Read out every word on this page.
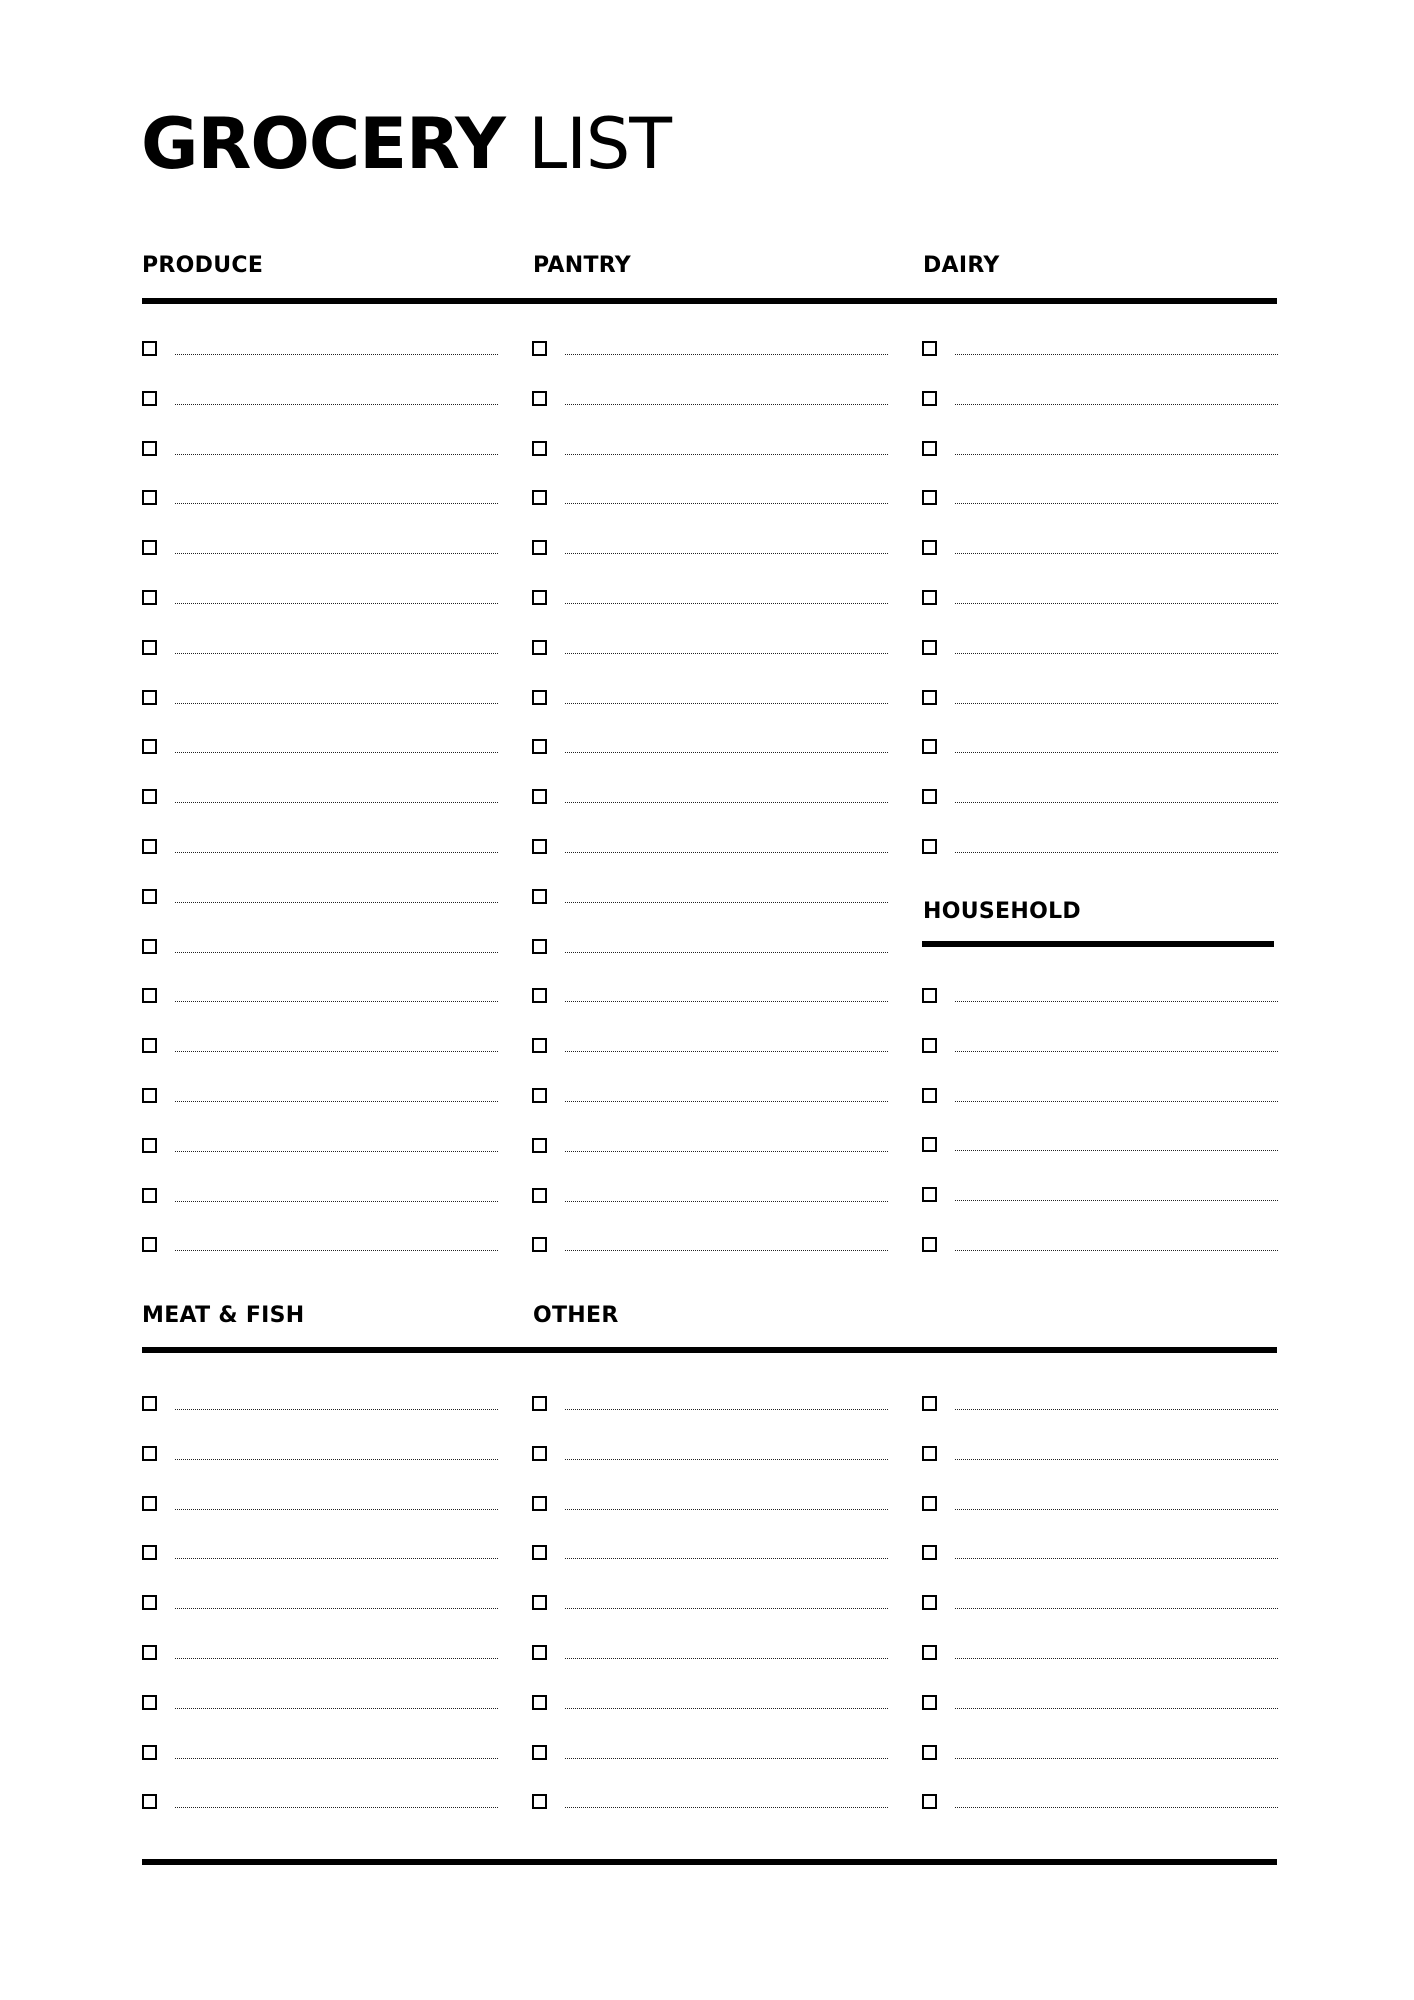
GROCERY LIST
PRODUCE	PANTRY	DAIRY
HOUSEHOLD
MEAT & FISH	OTHER
